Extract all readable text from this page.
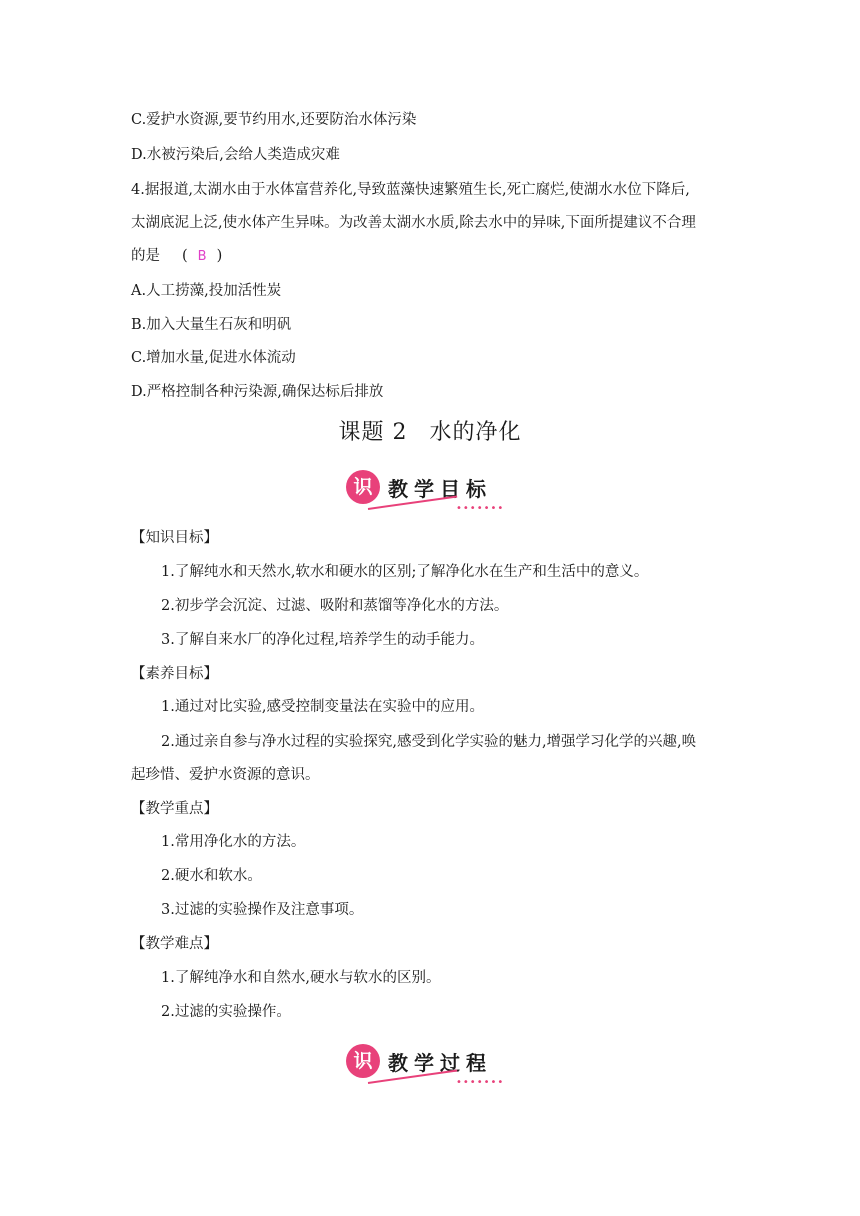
C.爱护水资源,要节约用水,还要防治水体污染
D.水被污染后,会给人类造成灾难
4.据报道,太湖水由于水体富营养化,导致蓝藻快速繁殖生长,死亡腐烂,使湖水水位下降后,
太湖底泥上泛,使水体产生异味。为改善太湖水水质,除去水中的异味,下面所提建议不合理
的是 ( B )
A.人工捞藻,投加活性炭
B.加入大量生石灰和明矾
C.增加水量,促进水体流动
D.严格控制各种污染源,确保达标后排放
课题 2 水的净化
识 教学目标
•••••••
【知识目标】
1.了解纯水和天然水,软水和硬水的区别;了解净化水在生产和生活中的意义。
2.初步学会沉淀、过滤、吸附和蒸馏等净化水的方法。
3.了解自来水厂的净化过程,培养学生的动手能力。
【素养目标】
1.通过对比实验,感受控制变量法在实验中的应用。
2.通过亲自参与净水过程的实验探究,感受到化学实验的魅力,增强学习化学的兴趣,唤
起珍惜、爱护水资源的意识。
【教学重点】
1.常用净化水的方法。
2.硬水和软水。
3.过滤的实验操作及注意事项。
【教学难点】
1.了解纯净水和自然水,硬水与软水的区别。
2.过滤的实验操作。
识 教学过程
•••••••
